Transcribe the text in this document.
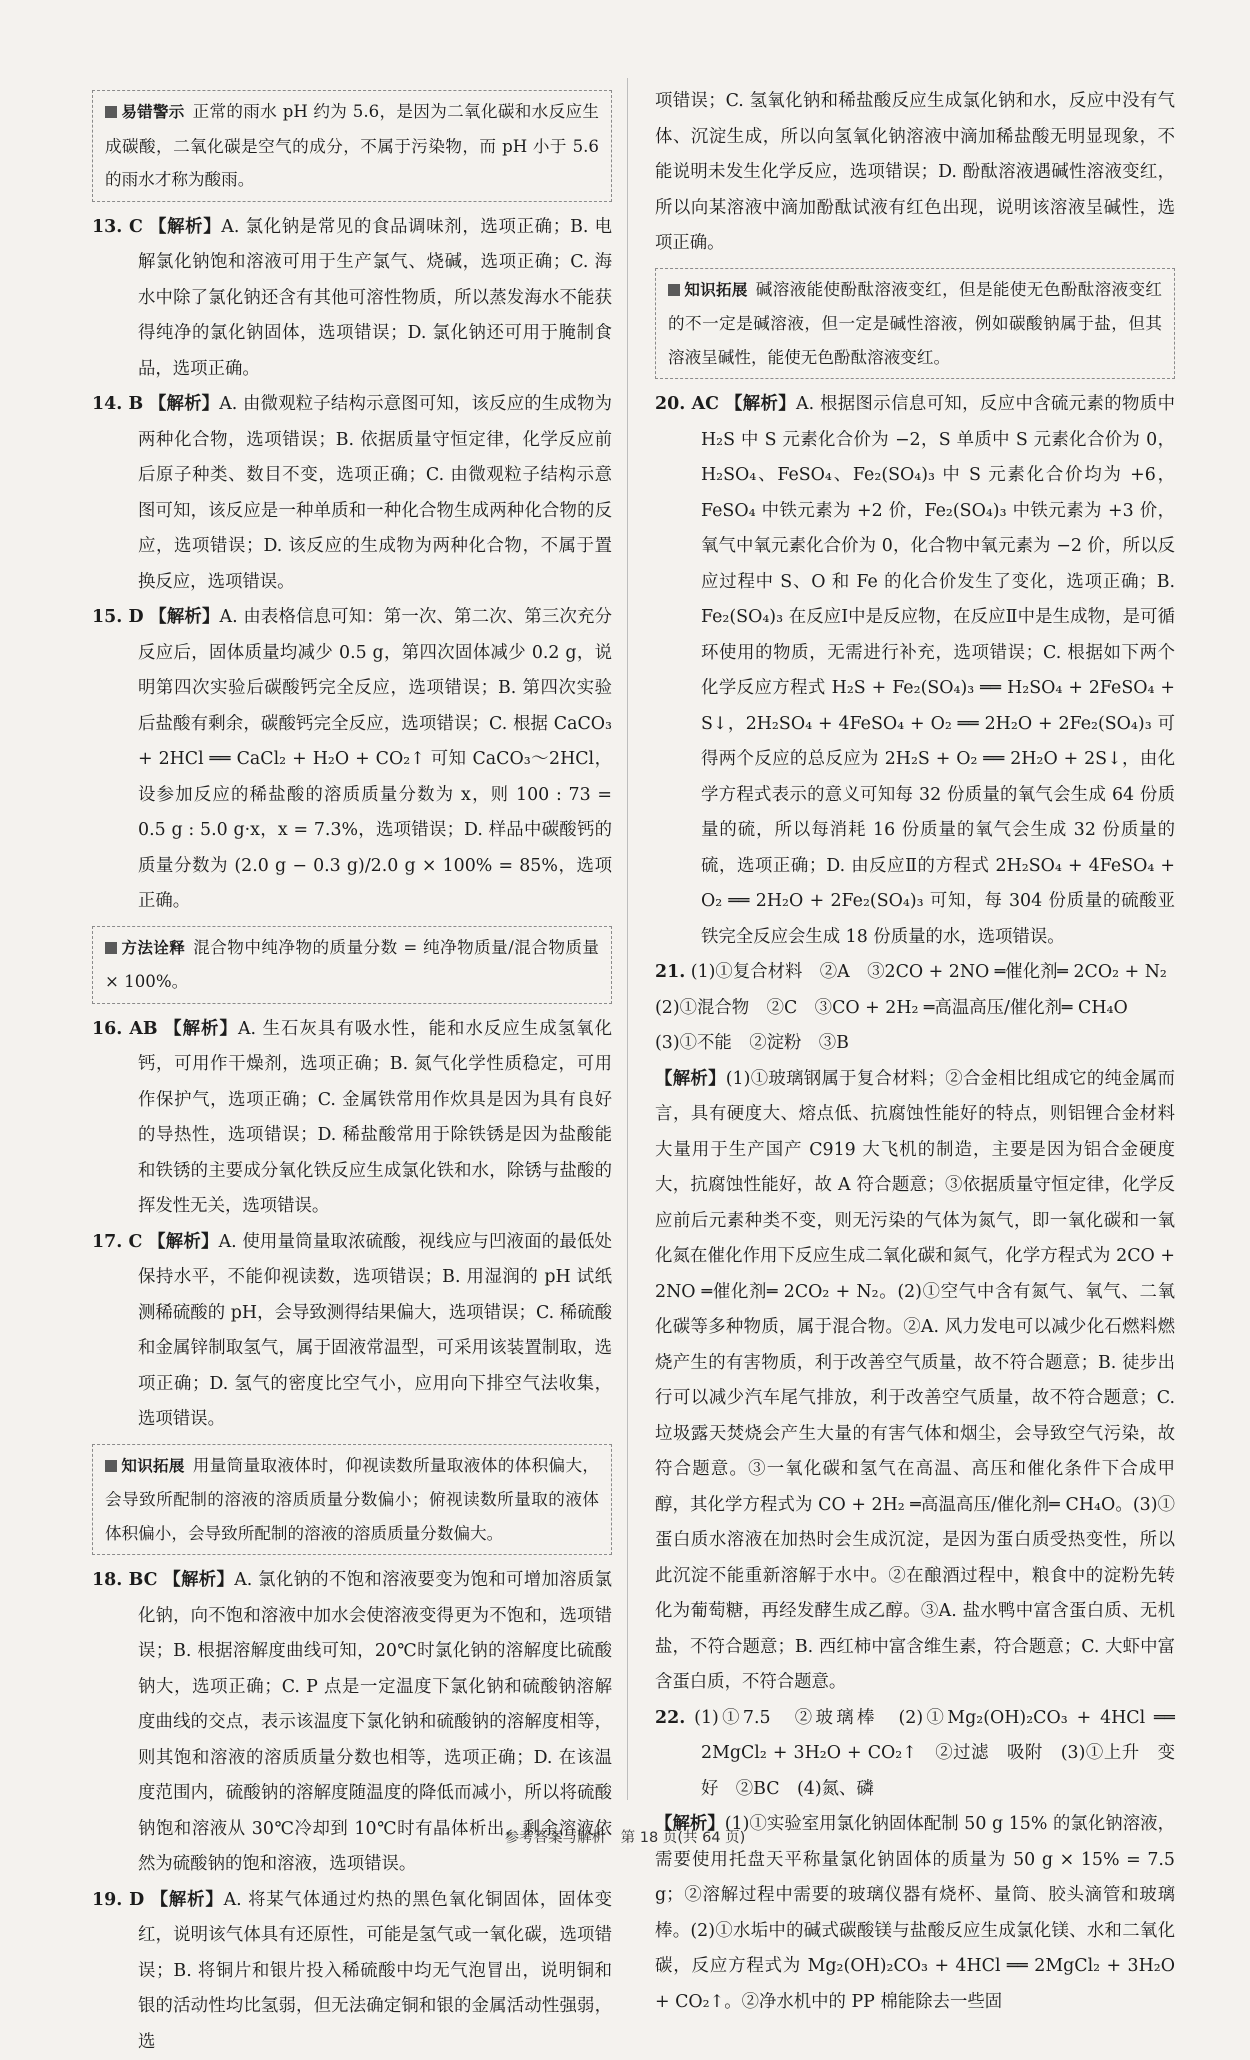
易错警示 正常的雨水 pH 约为 5.6，是因为二氧化碳和水反应生成碳酸，二氧化碳是空气的成分，不属于污染物，而 pH 小于 5.6 的雨水才称为酸雨。

13. C 【解析】A. 氯化钠是常见的食品调味剂，选项正确；B. 电解氯化钠饱和溶液可用于生产氯气、烧碱，选项正确；C. 海水中除了氯化钠还含有其他可溶性物质，所以蒸发海水不能获得纯净的氯化钠固体，选项错误；D. 氯化钠还可用于腌制食品，选项正确。

14. B 【解析】A. 由微观粒子结构示意图可知，该反应的生成物为两种化合物，选项错误；B. 依据质量守恒定律，化学反应前后原子种类、数目不变，选项正确；C. 由微观粒子结构示意图可知，该反应是一种单质和一种化合物生成两种化合物的反应，选项错误；D. 该反应的生成物为两种化合物，不属于置换反应，选项错误。

15. D 【解析】A. 由表格信息可知：第一次、第二次、第三次充分反应后，固体质量均减少 0.5 g，第四次固体减少 0.2 g，说明第四次实验后碳酸钙完全反应，选项错误；B. 第四次实验后盐酸有剩余，碳酸钙完全反应，选项错误；C. 根据 CaCO₃ + 2HCl ══ CaCl₂ + H₂O + CO₂↑ 可知 CaCO₃～2HCl，设参加反应的稀盐酸的溶质质量分数为 x，则 100 : 73 = 0.5 g : 5.0 g·x，x = 7.3%，选项错误；D. 样品中碳酸钙的质量分数为 (2.0 g − 0.3 g)/2.0 g × 100% = 85%，选项正确。

方法诠释 混合物中纯净物的质量分数 = 纯净物质量/混合物质量 × 100%。

16. AB 【解析】A. 生石灰具有吸水性，能和水反应生成氢氧化钙，可用作干燥剂，选项正确；B. 氮气化学性质稳定，可用作保护气，选项正确；C. 金属铁常用作炊具是因为具有良好的导热性，选项错误；D. 稀盐酸常用于除铁锈是因为盐酸能和铁锈的主要成分氧化铁反应生成氯化铁和水，除锈与盐酸的挥发性无关，选项错误。

17. C 【解析】A. 使用量筒量取浓硫酸，视线应与凹液面的最低处保持水平，不能仰视读数，选项错误；B. 用湿润的 pH 试纸测稀硫酸的 pH，会导致测得结果偏大，选项错误；C. 稀硫酸和金属锌制取氢气，属于固液常温型，可采用该装置制取，选项正确；D. 氢气的密度比空气小，应用向下排空气法收集，选项错误。

知识拓展 用量筒量取液体时，仰视读数所量取液体的体积偏大，会导致所配制的溶液的溶质质量分数偏小；俯视读数所量取的液体体积偏小，会导致所配制的溶液的溶质质量分数偏大。

18. BC 【解析】A. 氯化钠的不饱和溶液要变为饱和可增加溶质氯化钠，向不饱和溶液中加水会使溶液变得更为不饱和，选项错误；B. 根据溶解度曲线可知，20℃时氯化钠的溶解度比硫酸钠大，选项正确；C. P 点是一定温度下氯化钠和硫酸钠溶解度曲线的交点，表示该温度下氯化钠和硫酸钠的溶解度相等，则其饱和溶液的溶质质量分数也相等，选项正确；D. 在该温度范围内，硫酸钠的溶解度随温度的降低而减小，所以将硫酸钠饱和溶液从 30℃冷却到 10℃时有晶体析出，剩余溶液依然为硫酸钠的饱和溶液，选项错误。

19. D 【解析】A. 将某气体通过灼热的黑色氧化铜固体，固体变红，说明该气体具有还原性，可能是氢气或一氧化碳，选项错误；B. 将铜片和银片投入稀硫酸中均无气泡冒出，说明铜和银的活动性均比氢弱，但无法确定铜和银的金属活动性强弱，选

项错误；C. 氢氧化钠和稀盐酸反应生成氯化钠和水，反应中没有气体、沉淀生成，所以向氢氧化钠溶液中滴加稀盐酸无明显现象，不能说明未发生化学反应，选项错误；D. 酚酞溶液遇碱性溶液变红，所以向某溶液中滴加酚酞试液有红色出现，说明该溶液呈碱性，选项正确。

知识拓展 碱溶液能使酚酞溶液变红，但是能使无色酚酞溶液变红的不一定是碱溶液，但一定是碱性溶液，例如碳酸钠属于盐，但其溶液呈碱性，能使无色酚酞溶液变红。

20. AC 【解析】A. 根据图示信息可知，反应中含硫元素的物质中 H₂S 中 S 元素化合价为 −2，S 单质中 S 元素化合价为 0，H₂SO₄、FeSO₄、Fe₂(SO₄)₃ 中 S 元素化合价均为 +6，FeSO₄ 中铁元素为 +2 价，Fe₂(SO₄)₃ 中铁元素为 +3 价，氧气中氧元素化合价为 0，化合物中氧元素为 −2 价，所以反应过程中 S、O 和 Fe 的化合价发生了变化，选项正确；B. Fe₂(SO₄)₃ 在反应Ⅰ中是反应物，在反应Ⅱ中是生成物，是可循环使用的物质，无需进行补充，选项错误；C. 根据如下两个化学反应方程式 H₂S + Fe₂(SO₄)₃ ══ H₂SO₄ + 2FeSO₄ + S↓，2H₂SO₄ + 4FeSO₄ + O₂ ══ 2H₂O + 2Fe₂(SO₄)₃ 可得两个反应的总反应为 2H₂S + O₂ ══ 2H₂O + 2S↓，由化学方程式表示的意义可知每 32 份质量的氧气会生成 64 份质量的硫，所以每消耗 16 份质量的氧气会生成 32 份质量的硫，选项正确；D. 由反应Ⅱ的方程式 2H₂SO₄ + 4FeSO₄ + O₂ ══ 2H₂O + 2Fe₂(SO₄)₃ 可知，每 304 份质量的硫酸亚铁完全反应会生成 18 份质量的水，选项错误。

21. (1)①复合材料　②A　③2CO + 2NO ═催化剂═ 2CO₂ + N₂

(2)①混合物　②C　③CO + 2H₂ ═高温高压/催化剂═ CH₄O

(3)①不能　②淀粉　③B

【解析】(1)①玻璃钢属于复合材料；②合金相比组成它的纯金属而言，具有硬度大、熔点低、抗腐蚀性能好的特点，则铝锂合金材料大量用于生产国产 C919 大飞机的制造，主要是因为铝合金硬度大，抗腐蚀性能好，故 A 符合题意；③依据质量守恒定律，化学反应前后元素种类不变，则无污染的气体为氮气，即一氧化碳和一氧化氮在催化作用下反应生成二氧化碳和氮气，化学方程式为 2CO + 2NO ═催化剂═ 2CO₂ + N₂。(2)①空气中含有氮气、氧气、二氧化碳等多种物质，属于混合物。②A. 风力发电可以减少化石燃料燃烧产生的有害物质，利于改善空气质量，故不符合题意；B. 徒步出行可以减少汽车尾气排放，利于改善空气质量，故不符合题意；C. 垃圾露天焚烧会产生大量的有害气体和烟尘，会导致空气污染，故符合题意。③一氧化碳和氢气在高温、高压和催化条件下合成甲醇，其化学方程式为 CO + 2H₂ ═高温高压/催化剂═ CH₄O。(3)①蛋白质水溶液在加热时会生成沉淀，是因为蛋白质受热变性，所以此沉淀不能重新溶解于水中。②在酿酒过程中，粮食中的淀粉先转化为葡萄糖，再经发酵生成乙醇。③A. 盐水鸭中富含蛋白质、无机盐，不符合题意；B. 西红柿中富含维生素，符合题意；C. 大虾中富含蛋白质，不符合题意。

22. (1)①7.5　②玻璃棒　(2)①Mg₂(OH)₂CO₃ + 4HCl ══ 2MgCl₂ + 3H₂O + CO₂↑　②过滤　吸附　(3)①上升　变好　②BC　(4)氮、磷

【解析】(1)①实验室用氯化钠固体配制 50 g 15% 的氯化钠溶液，需要使用托盘天平称量氯化钠固体的质量为 50 g × 15% = 7.5 g；②溶解过程中需要的玻璃仪器有烧杯、量筒、胶头滴管和玻璃棒。(2)①水垢中的碱式碳酸镁与盐酸反应生成氯化镁、水和二氧化碳，反应方程式为 Mg₂(OH)₂CO₃ + 4HCl ══ 2MgCl₂ + 3H₂O + CO₂↑。②净水机中的 PP 棉能除去一些固

参考答案与解析　第 18 页(共 64 页)
